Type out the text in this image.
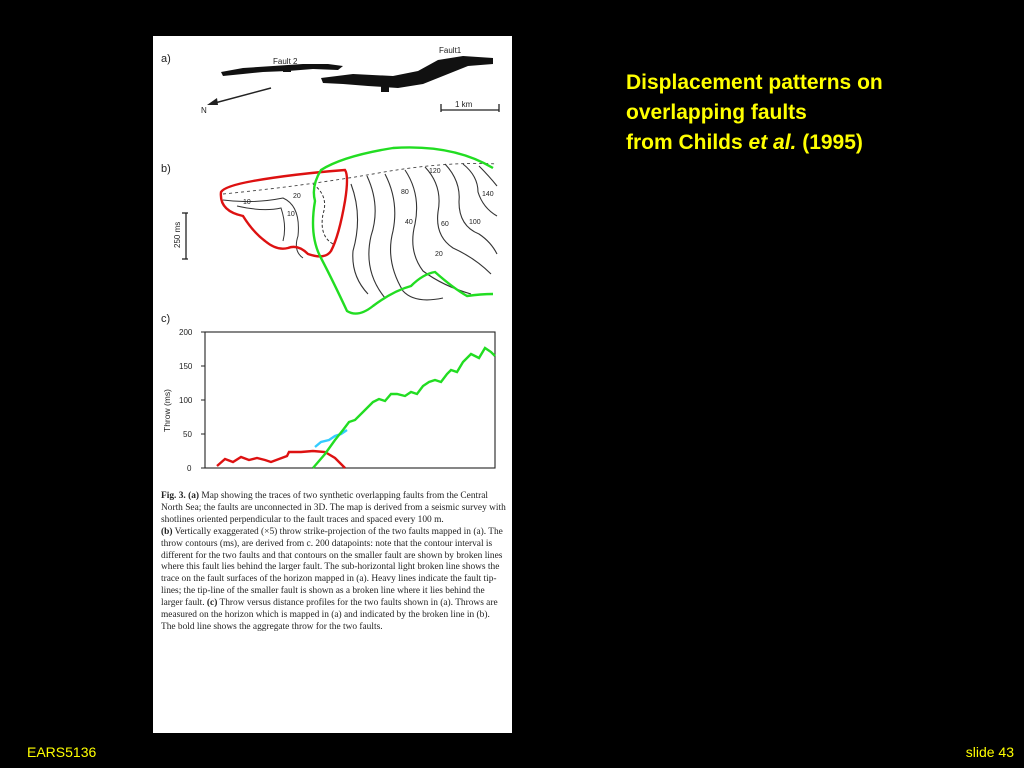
a)	Fault 2
Fault1
N
1 km
b)
250 ms
120
140
80
100
60
40
20
10
20
10
c)
Throw (ms)
0
50
100
150
200
Fig. 3. (a) Map showing the traces of two synthetic overlapping faults from the Central North Sea; the faults are unconnected in 3D. The map is derived from a seismic survey with shotlines oriented perpendicular to the fault traces and spaced every 100 m.
(b) Vertically exaggerated (×5) throw strike-projection of the two faults mapped in (a). The throw contours (ms), are derived from c. 200 datapoints: note that the contour interval is different for the two faults and that contours on the smaller fault are shown by broken lines where this fault lies behind the larger fault. The sub-horizontal light broken line shows the trace on the fault surfaces of the horizon mapped in (a). Heavy lines indicate the fault tip-lines; the tip-line of the smaller fault is shown as a broken line where it lies behind the larger fault. (c) Throw versus distance profiles for the two faults shown in (a). Throws are measured on the horizon which is mapped in (a) and indicated by the broken line in (b). The bold line shows the aggregate throw for the two faults.
Displacement patterns on
overlapping faults
from Childs et al. (1995)
EARS5136	slide 43
